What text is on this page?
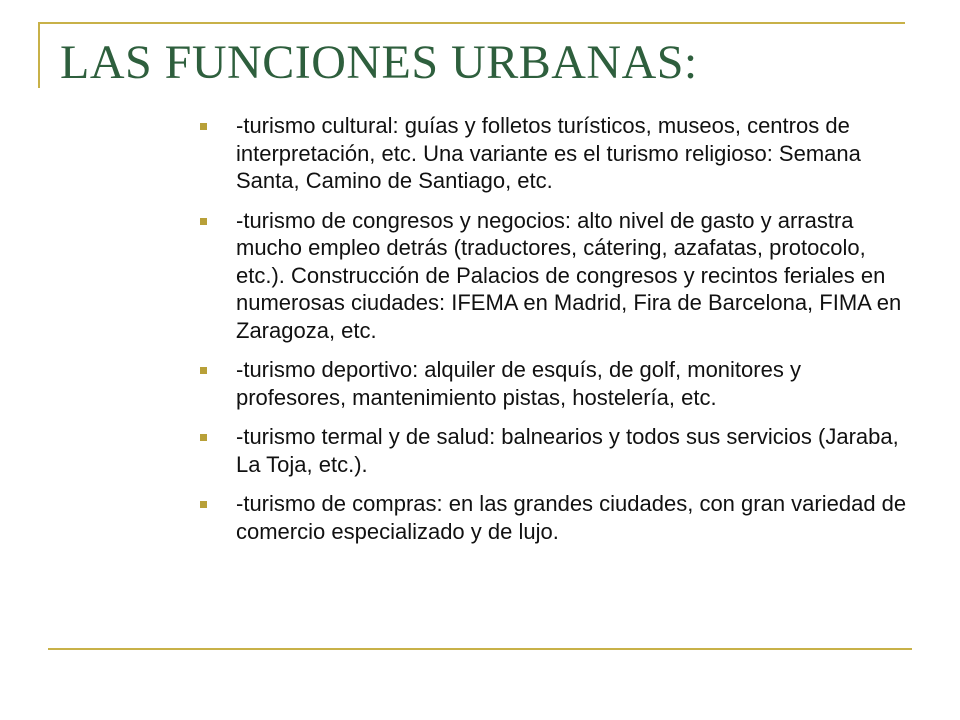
LAS FUNCIONES URBANAS:
-turismo cultural: guías y folletos turísticos, museos, centros de interpretación, etc. Una variante es el turismo religioso: Semana Santa, Camino de Santiago, etc.
-turismo de congresos y negocios: alto nivel de gasto y arrastra mucho empleo detrás (traductores, cátering, azafatas, protocolo, etc.). Construcción de Palacios de congresos y recintos feriales en numerosas ciudades: IFEMA en Madrid, Fira de Barcelona, FIMA en Zaragoza, etc.
-turismo deportivo: alquiler de esquís, de golf, monitores y profesores, mantenimiento pistas, hostelería, etc.
-turismo termal y de salud: balnearios y todos sus servicios (Jaraba, La Toja, etc.).
-turismo de compras: en las grandes ciudades, con gran variedad de comercio especializado y de lujo.
